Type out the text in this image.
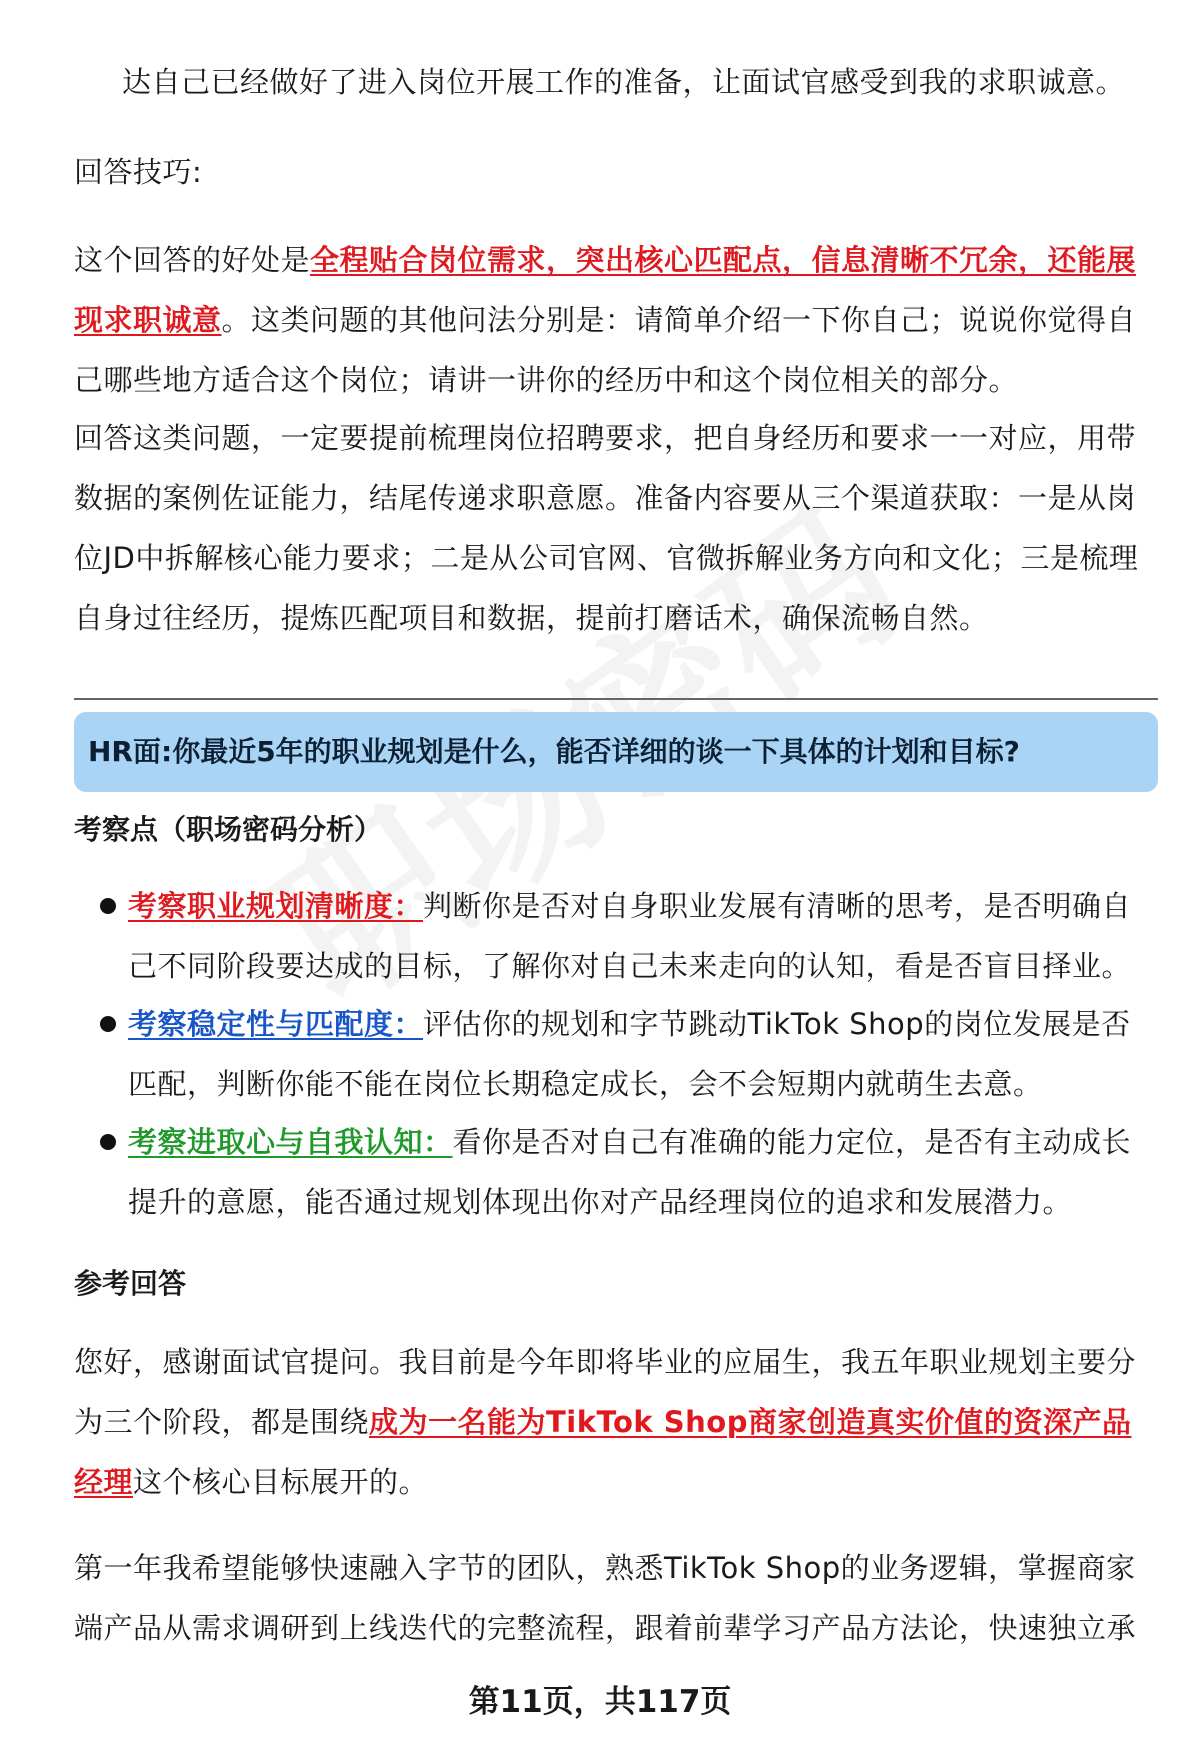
达自己已经做好了进入岗位开展工作的准备，让面试官感受到我的求职诚意。

回答技巧:

这个回答的好处是全程贴合岗位需求，突出核心匹配点，信息清晰不冗余，还能展现求职诚意。这类问题的其他问法分别是：请简单介绍一下你自己；说说你觉得自己哪些地方适合这个岗位；请讲一讲你的经历中和这个岗位相关的部分。

回答这类问题，一定要提前梳理岗位招聘要求，把自身经历和要求一一对应，用带数据的案例佐证能力，结尾传递求职意愿。准备内容要从三个渠道获取：一是从岗位JD中拆解核心能力要求；二是从公司官网、官微拆解业务方向和文化；三是梳理自身过往经历，提炼匹配项目和数据，提前打磨话术，确保流畅自然。

HR面:你最近5年的职业规划是什么，能否详细的谈一下具体的计划和目标?

考察点（职场密码分析）

考察职业规划清晰度：判断你是否对自身职业发展有清晰的思考，是否明确自己不同阶段要达成的目标，了解你对自己未来走向的认知，看是否盲目择业。

考察稳定性与匹配度：评估你的规划和字节跳动TikTok Shop的岗位发展是否匹配，判断你能不能在岗位长期稳定成长，会不会短期内就萌生去意。

考察进取心与自我认知：看你是否对自己有准确的能力定位，是否有主动成长提升的意愿，能否通过规划体现出你对产品经理岗位的追求和发展潜力。

参考回答

您好，感谢面试官提问。我目前是今年即将毕业的应届生，我五年职业规划主要分为三个阶段，都是围绕成为一名能为TikTok Shop商家创造真实价值的资深产品经理这个核心目标展开的。

第一年我希望能够快速融入字节的团队，熟悉TikTok Shop的业务逻辑，掌握商家端产品从需求调研到上线迭代的完整流程，跟着前辈学习产品方法论，快速独立承

第11页，共117页
